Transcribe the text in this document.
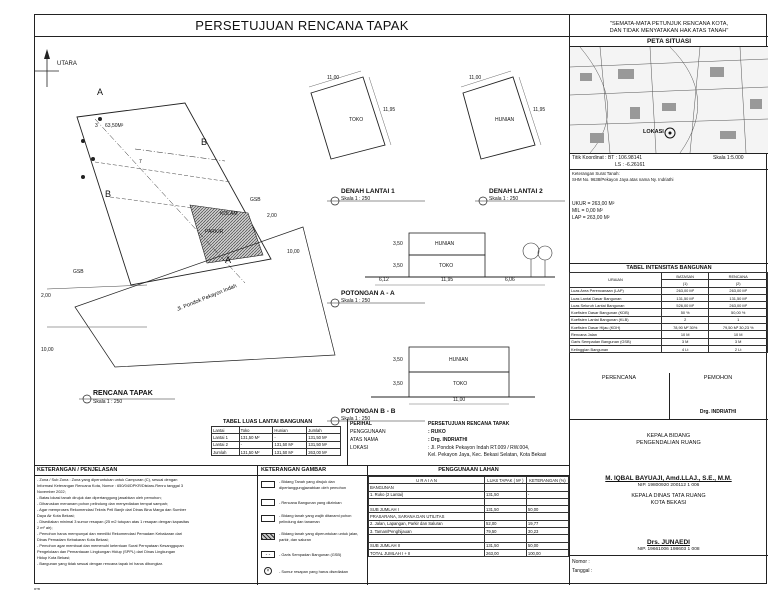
PERSETUJUAN RENCANA TAPAK
UTARA
A
B
B
A
3 63,50M²
7
KOLAM
PARKIR
GSB
GSB
2,00
10,00
2,00
10,00
Jl. Pondok Pekayon Indah
RENCANA TAPAK
Skala 1 : 250
TOKO
11,00
11,95
DENAH LANTAI 1
Skala 1 : 250
HUNIAN
11,00
11,95
DENAH LANTAI 2
Skala 1 : 250
HUNIAN
TOKO
3,50
3,50
6,12	11,95	6,06
POTONGAN A - A
Skala 1 : 250
HUNIAN
TOKO
3,50
3,50
11,00
POTONGAN B - B
Skala 1 : 250
TABEL LUAS LANTAI BANGUNAN
Lantai	Toko	Hunian	Jumlah
Lantai 1	131,50 M²	-	131,50 M²
Lantai 2	-	131,50 M²	131,50 M²
Jumlah	131,50 M²	131,50 M²	263,00 M²
PERIHAL	PERSETUJUAN RENCANA TAPAK
PENGGUNAAN	: RUKO
ATAS NAMA	: Drg. INDRIATHI
LOKASI	: Jl. Pondok Pekayon Indah RT.009 / RW.004,
Kel. Pekayon Jaya, Kec. Bekasi Selatan, Kota Bekasi
KETERANGAN / PENJELASAN
- Zona / Sub Zona : Zona yang diperuntukan untuk Campuran (C), sesuai dengan
Informasi Keterangan Rencana Kota, Nomor : 650/04/DPKR/Distaru.Renru tanggal 3
November 2022;
- Batas lokasi tanah dirujuk dan dipertanggung jawabkan oleh pemohon;
- Diharuskan menanam pohon pelindung dan menyediakan tempat sampah;
- Agar memproses Rekomendasi Teknis Peil Banjir dari Dinas Bina Marga dan Sumber
Daya Air Kota Bekasi;
- Disediakan minimal 3 sumur resapan (25 m2 tutupan atas 1 resapan dengan kapasitas
2 m² air);
- Pemohon harus mempunyai dan memiliki Rekomendasi Pemadam Kebakaran dari
Dinas Pemadam Kebakaran Kota Bekasi;
- Pemohon agar membuat dan memenuhi ketentuan Surat Pernyataan Kesanggupan
Pengelolaan dan Pemantauan Lingkungan Hidup (SPPL) dari Dinas Lingkungan
Hidup Kota Bekasi;
- Bangunan yang tidak sesuai dengan rencana tapak ini harus dibongkar.
KETERANGAN GAMBAR
- Bidang Tanah yang dirujuk dan dipertanggungjawabkan oleh pemohon
- Rencana Bangunan yang diizinkan
- Bidang tanah yang wajib ditanami pohon pelindung dan tanaman
- Bidang tanah yang diperuntukan untuk jalan, parkir, dan saluran
- -	- Garis Sempadan Bangunan (GSB)
×	- Sumur resapan yang harus disediakan
PENGGUNAAN LAHAN
U R A I A N	LUAS TAPAK ( M² )	KETERANGAN (%)
BANGUNAN		
1. Ruko (2 Lantai)	131,50	-

SUB JUMLAH I	131,50	50,00
PRASARANA, SARANA DAN UTILITAS		
2. Jalan, Lapangan, Parkir dan Saluran	52,00	19,77
3. Taman/Penghijauan	79,50	30,23

SUB JUMLAH II	131,50	50,00
TOTAL JUMLAH I + II	263,00	100,00
"SEMATA-MATA PETUNJUK RENCANA KOTA,
DAN TIDAK MENYATAKAN HAK ATAS TANAH"
PETA SITUASI
LOKASI
Titik Koordinat : BT : 106.98141	Skala 1:5.000
LS : -6.26161
Keterangan Surat Tanah:
SHM No. 9638/Pekayon Jaya atas nama Ny. Indriathi
UKUR = 263,00 M²
MIL = 0,00 M²
LAP = 263,00 M²
TABEL INTENSITAS BANGUNAN
URAIAN	BATASAN	RENCANA
	(1)	(2)
Luas Area Perencanaan (LAP)	263,00 M²	263,00 M²
Luas Lantai Dasar Bangunan	131,50 M²	131,50 M²
Luas Seluruh Lantai Bangunan	526,00 M²	263,00 M²
Koefisien Dasar Bangunan (KDB)	50 %	50,00 %
Koefisien Lantai Bangunan (KLB)	2	1
Koefisien Dasar Hijau (KDH)	78,90 M² 30%	79,50 M² 30,23 %
Rencana Jalan	10 M	10 M
Garis Sempadan Bangunan (GSB)	3 M	3 M
Ketinggian Bangunan	4 Lt	2 Lt
PERENCANA	PEMOHON
Drg. INDRIATHI
KEPALA BIDANG
PENGENDALIAN RUANG
M. IQBAL BAYUAJI, Amd.LLAJ., S.E., M.M.
NIP. 19800920 200112 1 006
KEPALA DINAS TATA RUANG
KOTA BEKASI
Drs. JUNAEDI
NIP. 19661006 198603 1 008
Nomor :
Tanggal :
RTB
